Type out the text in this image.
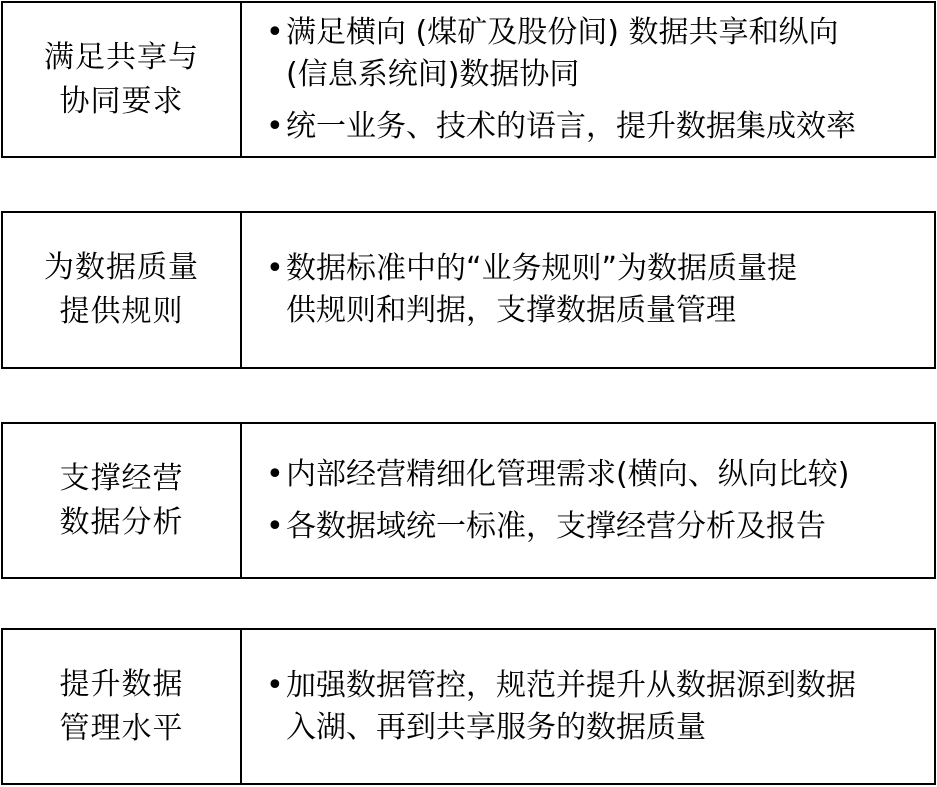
满足共享与
协同要求
•满足横向 (煤矿及股份间) 数据共享和纵向
(信息系统间)数据协同
•统一业务、技术的语言，提升数据集成效率
为数据质量
提供规则
•数据标准中的“业务规则”为数据质量提
供规则和判据，支撑数据质量管理
支撑经营
数据分析
•内部经营精细化管理需求(横向、纵向比较)
•各数据域统一标准，支撑经营分析及报告
提升数据
管理水平
•加强数据管控，规范并提升从数据源到数据
入湖、再到共享服务的数据质量
